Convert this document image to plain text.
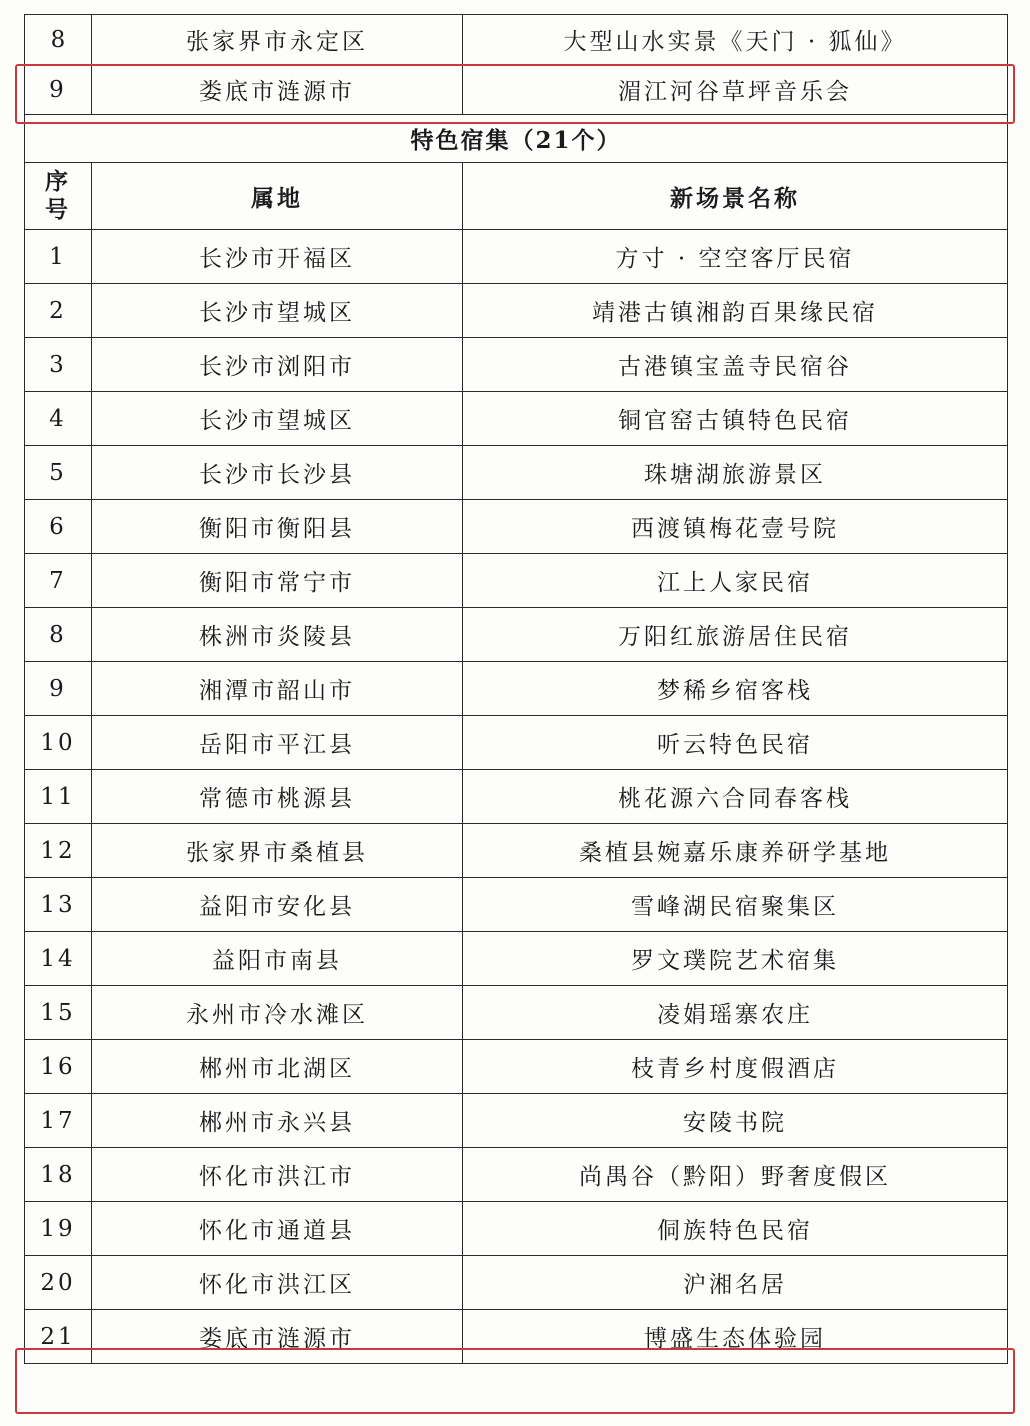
8	张家界市永定区	大型山水实景《天门 · 狐仙》
9	娄底市涟源市	湄江河谷草坪音乐会
特色宿集（21个）		
序
号	属地	新场景名称
1	长沙市开福区	方寸 · 空空客厅民宿
2	长沙市望城区	靖港古镇湘韵百果缘民宿
3	长沙市浏阳市	古港镇宝盖寺民宿谷
4	长沙市望城区	铜官窑古镇特色民宿
5	长沙市长沙县	珠塘湖旅游景区
6	衡阳市衡阳县	西渡镇梅花壹号院
7	衡阳市常宁市	江上人家民宿
8	株洲市炎陵县	万阳红旅游居住民宿
9	湘潭市韶山市	梦稀乡宿客栈
10	岳阳市平江县	听云特色民宿
11	常德市桃源县	桃花源六合同春客栈
12	张家界市桑植县	桑植县婉嘉乐康养研学基地
13	益阳市安化县	雪峰湖民宿聚集区
14	益阳市南县	罗文璞院艺术宿集
15	永州市冷水滩区	凌娟瑶寨农庄
16	郴州市北湖区	枝青乡村度假酒店
17	郴州市永兴县	安陵书院
18	怀化市洪江市	尚禺谷（黔阳）野奢度假区
19	怀化市通道县	侗族特色民宿
20	怀化市洪江区	沪湘名居
21	娄底市涟源市	博盛生态体验园
